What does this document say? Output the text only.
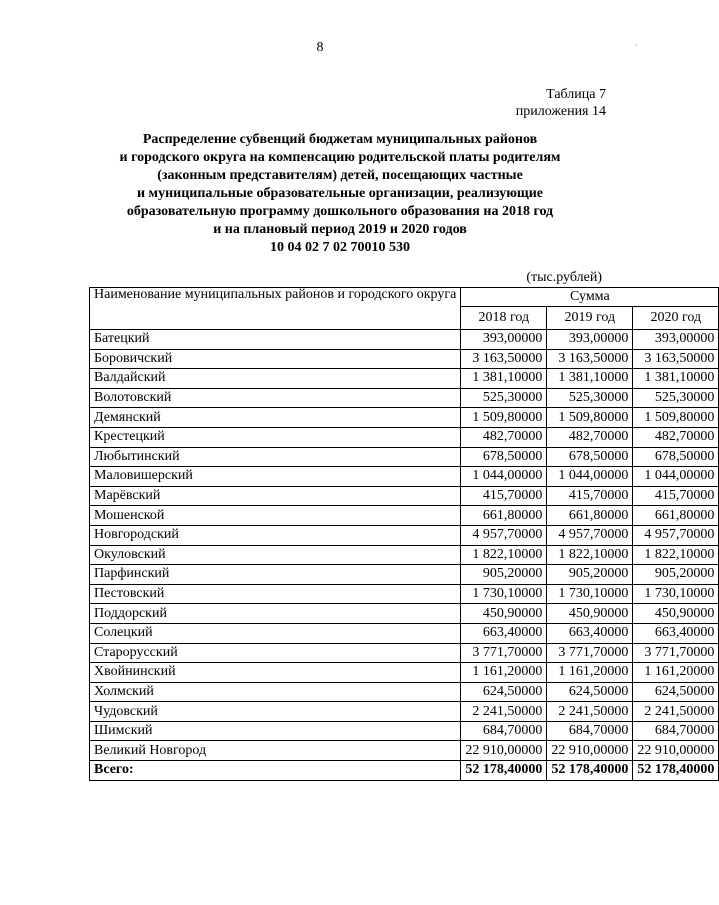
8
Таблица 7
приложения 14
Распределение субвенций бюджетам муниципальных районов
и городского округа на компенсацию родительской платы родителям
(законным представителям) детей, посещающих частные
и муниципальные образовательные организации, реализующие
образовательную программу дошкольного образования на 2018 год
и на плановый период 2019 и 2020 годов
10 04 02 7 02 70010 530
(тыс.рублей)
Наименование муниципальных районов и городского округа	Сумма		
	2018 год	2019 год	2020 год
Батецкий	393,00000	393,00000	393,00000
Боровичский	3 163,50000	3 163,50000	3 163,50000
Валдайский	1 381,10000	1 381,10000	1 381,10000
Волотовский	525,30000	525,30000	525,30000
Демянский	1 509,80000	1 509,80000	1 509,80000
Крестецкий	482,70000	482,70000	482,70000
Любытинский	678,50000	678,50000	678,50000
Маловишерский	1 044,00000	1 044,00000	1 044,00000
Марёвский	415,70000	415,70000	415,70000
Мошенской	661,80000	661,80000	661,80000
Новгородский	4 957,70000	4 957,70000	4 957,70000
Окуловский	1 822,10000	1 822,10000	1 822,10000
Парфинский	905,20000	905,20000	905,20000
Пестовский	1 730,10000	1 730,10000	1 730,10000
Поддорский	450,90000	450,90000	450,90000
Солецкий	663,40000	663,40000	663,40000
Старорусский	3 771,70000	3 771,70000	3 771,70000
Хвойнинский	1 161,20000	1 161,20000	1 161,20000
Холмский	624,50000	624,50000	624,50000
Чудовский	2 241,50000	2 241,50000	2 241,50000
Шимский	684,70000	684,70000	684,70000
Великий Новгород	22 910,00000	22 910,00000	22 910,00000
Всего:	52 178,40000	52 178,40000	52 178,40000
·
